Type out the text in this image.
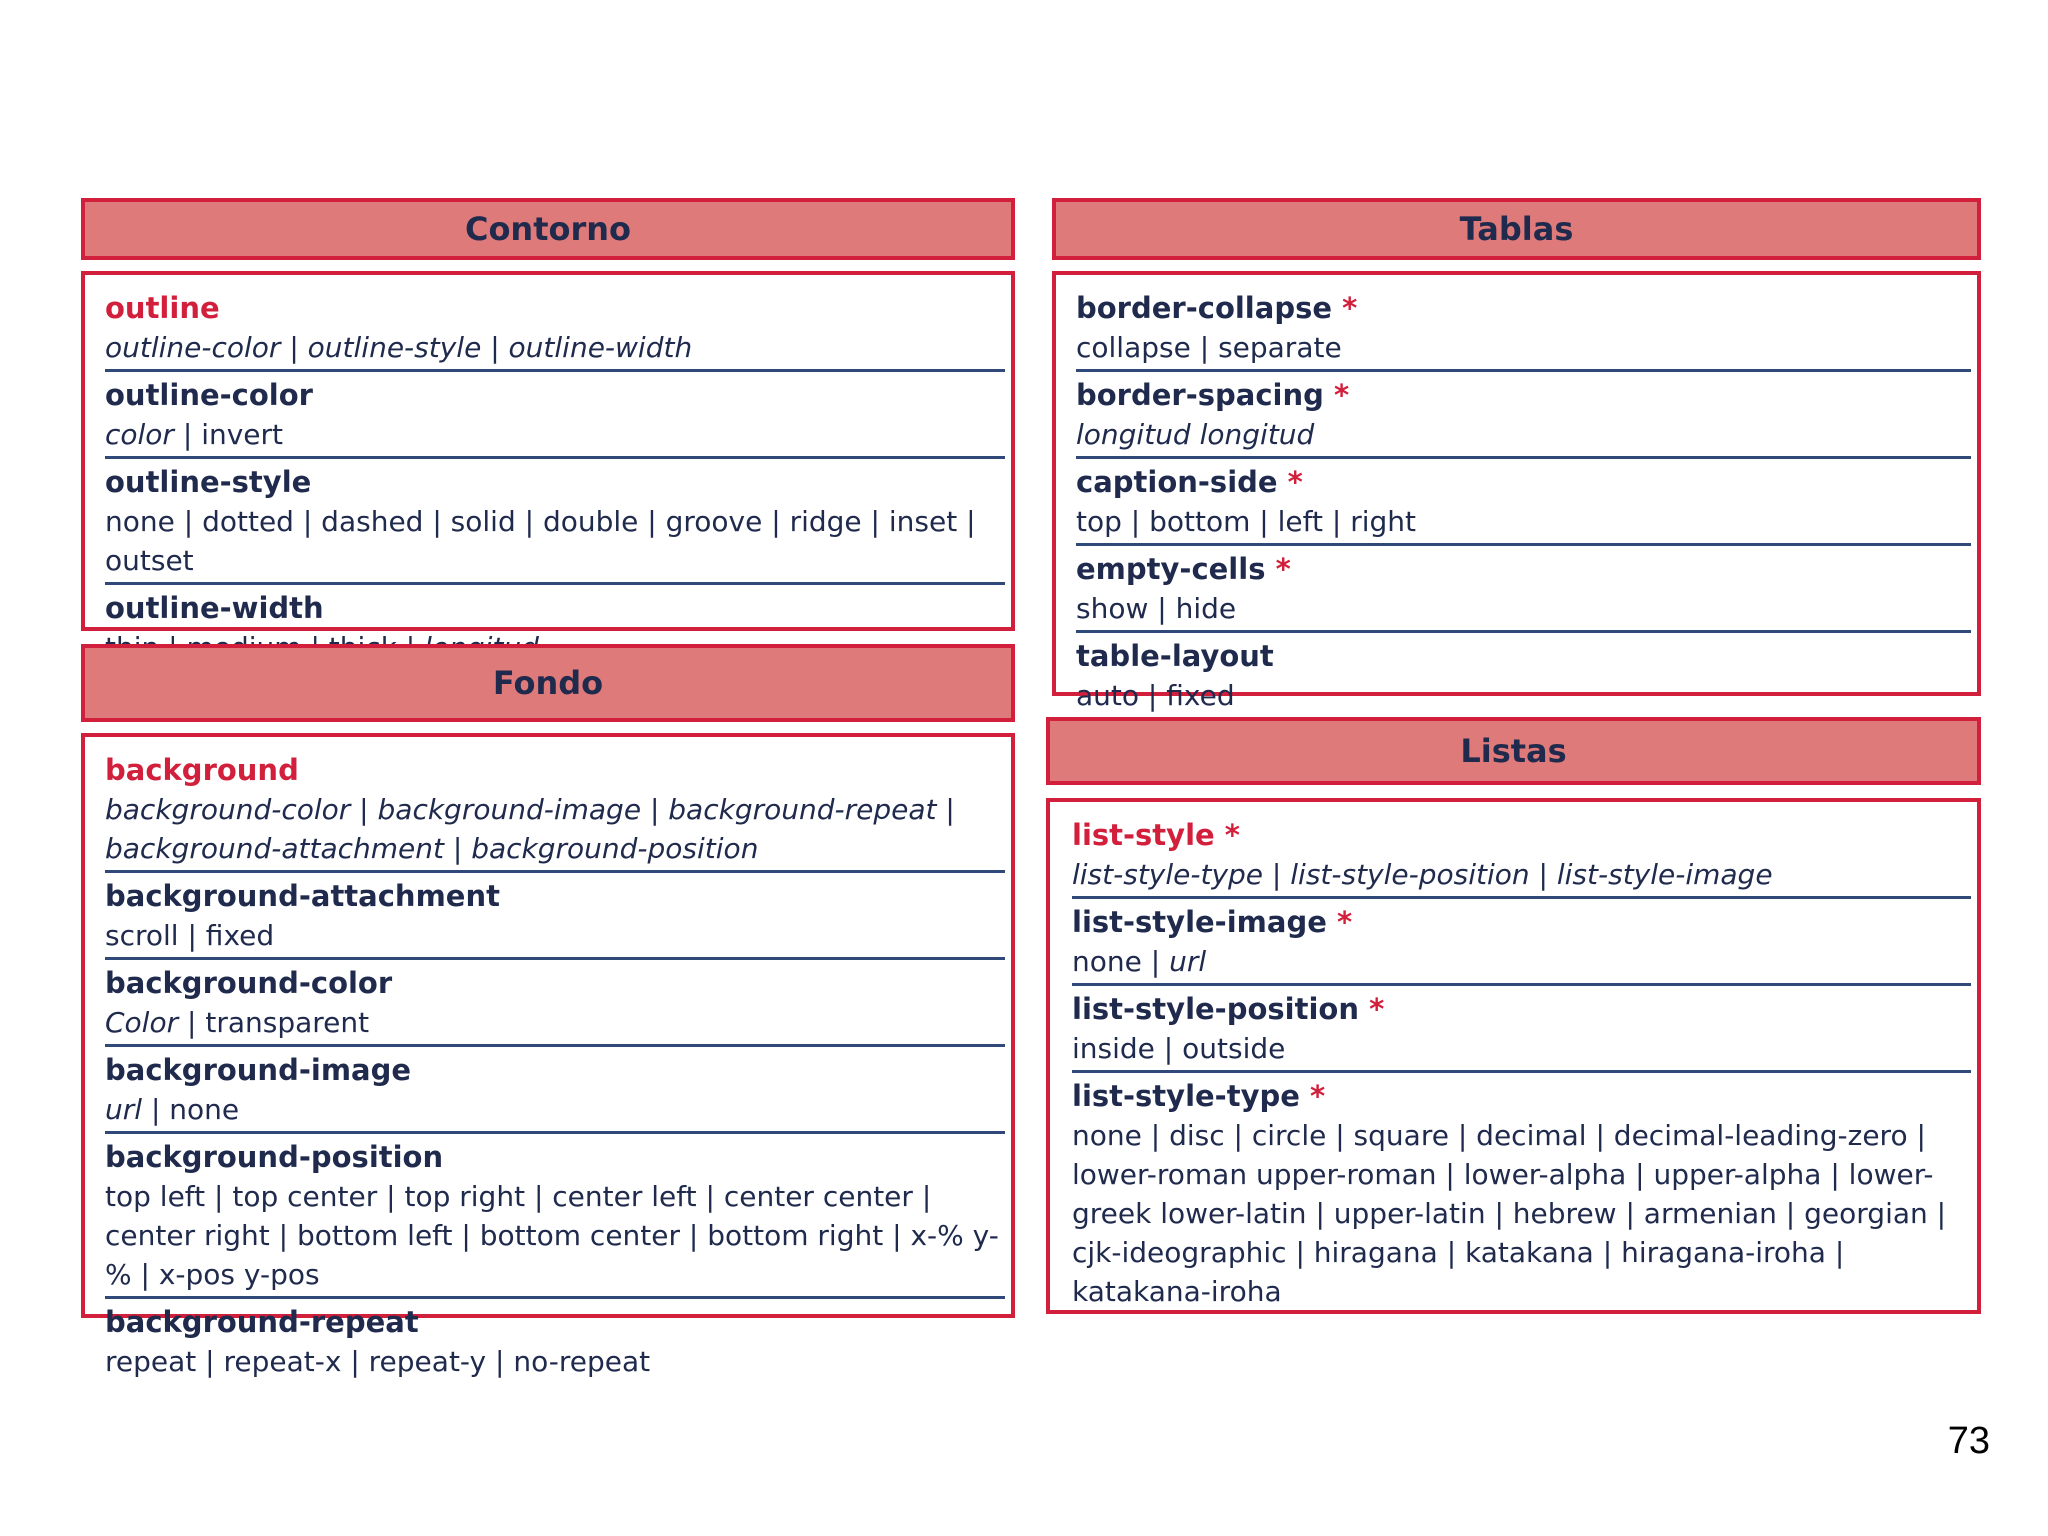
Contorno
outline
outline-color | outline-style | outline-width
outline-color
color | invert
outline-style
none | dotted | dashed | solid | double | groove | ridge | inset | outset
outline-width
Fondo
background
background-color | background-image | background-repeat | background-attachment | background-position
background-attachment
scroll | fixed
background-color
Color | transparent
background-image
url | none
background-position
top left | top center | top right | center left | center center | center right | bottom left | bottom center | bottom right | x-% y-% | x-pos y-pos
background-repeat
repeat | repeat-x | repeat-y | no-repeat
Tablas
border-collapse *
collapse | separate
border-spacing *
longitud longitud
caption-side *
top | bottom | left | right
empty-cells *
show | hide
table-layout
auto | fixed
Listas
list-style *
list-style-type | list-style-position | list-style-image
list-style-image *
none | url
list-style-position *
inside | outside
list-style-type *
none | disc | circle | square | decimal | decimal-leading-zero | lower-roman upper-roman | lower-alpha | upper-alpha | lower-greek lower-latin | upper-latin | hebrew | armenian | georgian | cjk-ideographic | hiragana | katakana | hiragana-iroha | katakana-iroha
73
